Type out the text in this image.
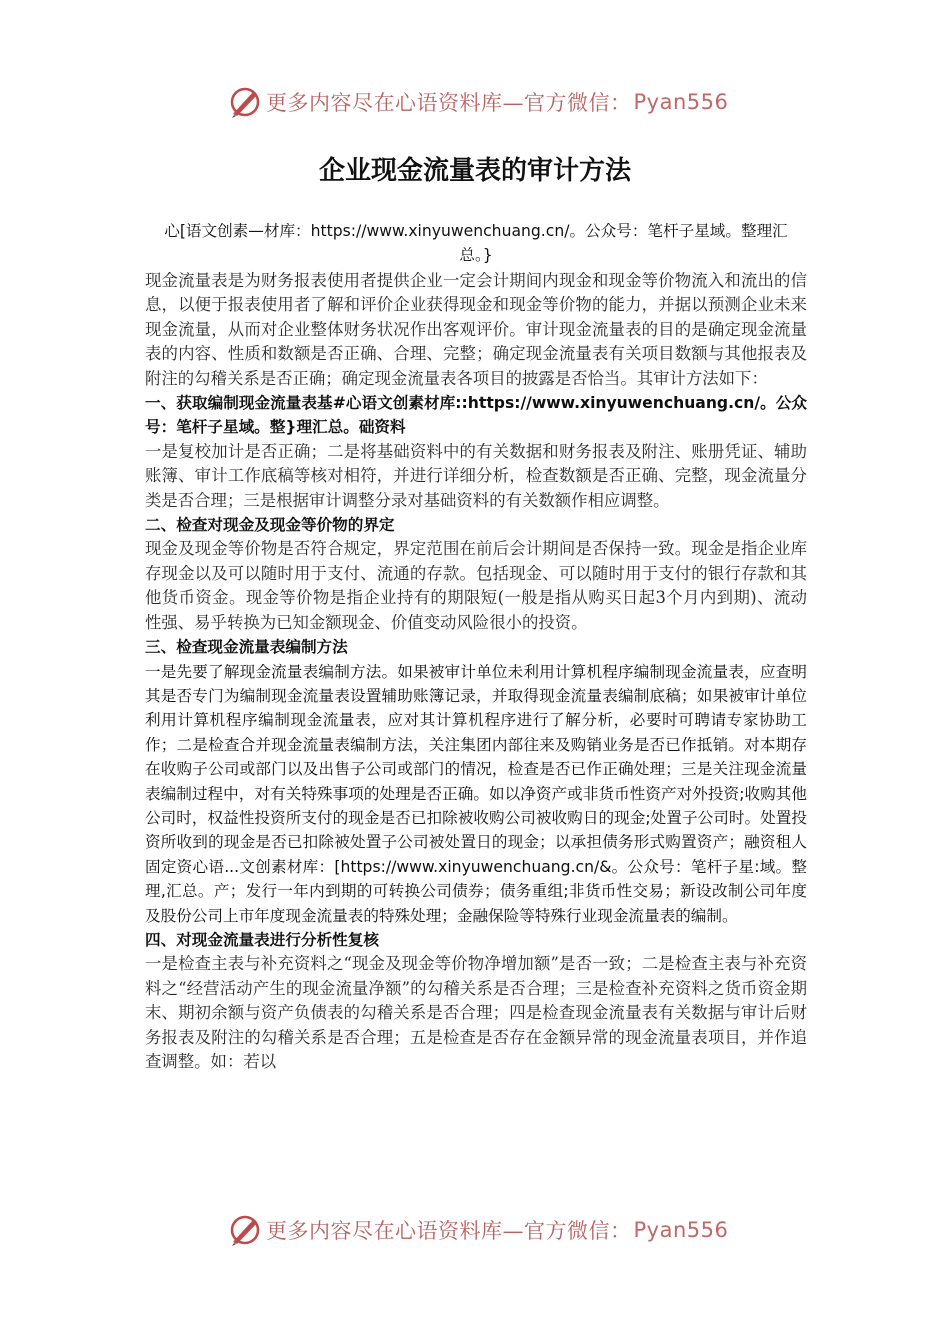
更多内容尽在心语资料库—官方微信： Pyan556
企业现金流量表的审计方法

心[语文创素—材库：https://www.xinyuwenchuang.cn/。公众号：笔杆子星域。整理汇总。}

现金流量表是为财务报表使用者提供企业一定会计期间内现金和现金等价物流入和流出的信息，以便于报表使用者了解和评价企业获得现金和现金等价物的能力，并据以预测企业未来现金流量，从而对企业整体财务状况作出客观评价。审计现金流量表的目的是确定现金流量表的内容、性质和数额是否正确、合理、完整；确定现金流量表有关项目数额与其他报表及附注的勾稽关系是否正确；确定现金流量表各项目的披露是否恰当。其审计方法如下：

一、获取编制现金流量表基#心语文创素材库::https://www.xinyuwenchuang.cn/。公众号：笔杆子星域。整}理汇总。础资料

一是复校加计是否正确；二是将基础资料中的有关数据和财务报表及附注、账册凭证、辅助账簿、审计工作底稿等核对相符，并进行详细分析，检查数额是否正确、完整，现金流量分类是否合理；三是根据审计调整分录对基础资料的有关数额作相应调整。

二、检查对现金及现金等价物的界定

现金及现金等价物是否符合规定，界定范围在前后会计期间是否保持一致。现金是指企业库存现金以及可以随时用于支付、流通的存款。包括现金、可以随时用于支付的银行存款和其他货币资金。现金等价物是指企业持有的期限短(一般是指从购买日起3个月内到期)、流动性强、易乎转换为已知金额现金、价值变动风险很小的投资。

三、检查现金流量表编制方法

一是先要了解现金流量表编制方法。如果被审计单位未利用计算机程序编制现金流量表，应查明其是否专门为编制现金流量表设置辅助账簿记录，并取得现金流量表编制底稿；如果被审计单位利用计算机程序编制现金流量表，应对其计算机程序进行了解分析，必要时可聘请专家协助工作；二是检查合并现金流量表编制方法，关注集团内部往来及购销业务是否已作抵销。对本期存在收购子公司或部门以及出售子公司或部门的情况，检查是否已作正确处理；三是关注现金流量表编制过程中，对有关特殊事项的处理是否正确。如以净资产或非货币性资产对外投资;收购其他公司时，权益性投资所支付的现金是否已扣除被收购公司被收购日的现金;处置子公司时。处置投资所收到的现金是否已扣除被处置子公司被处置日的现金；以承担债务形式购置资产；融资租人固定资心语...文创素材库：[https://www.xinyuwenchuang.cn/&。公众号：笔杆子星:域。整理,汇总。产；发行一年内到期的可转换公司债券；债务重组;非货币性交易；新设改制公司年度及股份公司上市年度现金流量表的特殊处理；金融保险等特殊行业现金流量表的编制。

四、对现金流量表进行分析性复核

一是检查主表与补充资料之“现金及现金等价物净增加额”是否一致；二是检查主表与补充资料之“经营活动产生的现金流量净额”的勾稽关系是否合理；三是检查补充资料之货币资金期末、期初余额与资产负债表的勾稽关系是否合理；四是检查现金流量表有关数据与审计后财务报表及附注的勾稽关系是否合理；五是检查是否存在金额异常的现金流量表项目，并作追查调整。如：若以

更多内容尽在心语资料库—官方微信： Pyan556
